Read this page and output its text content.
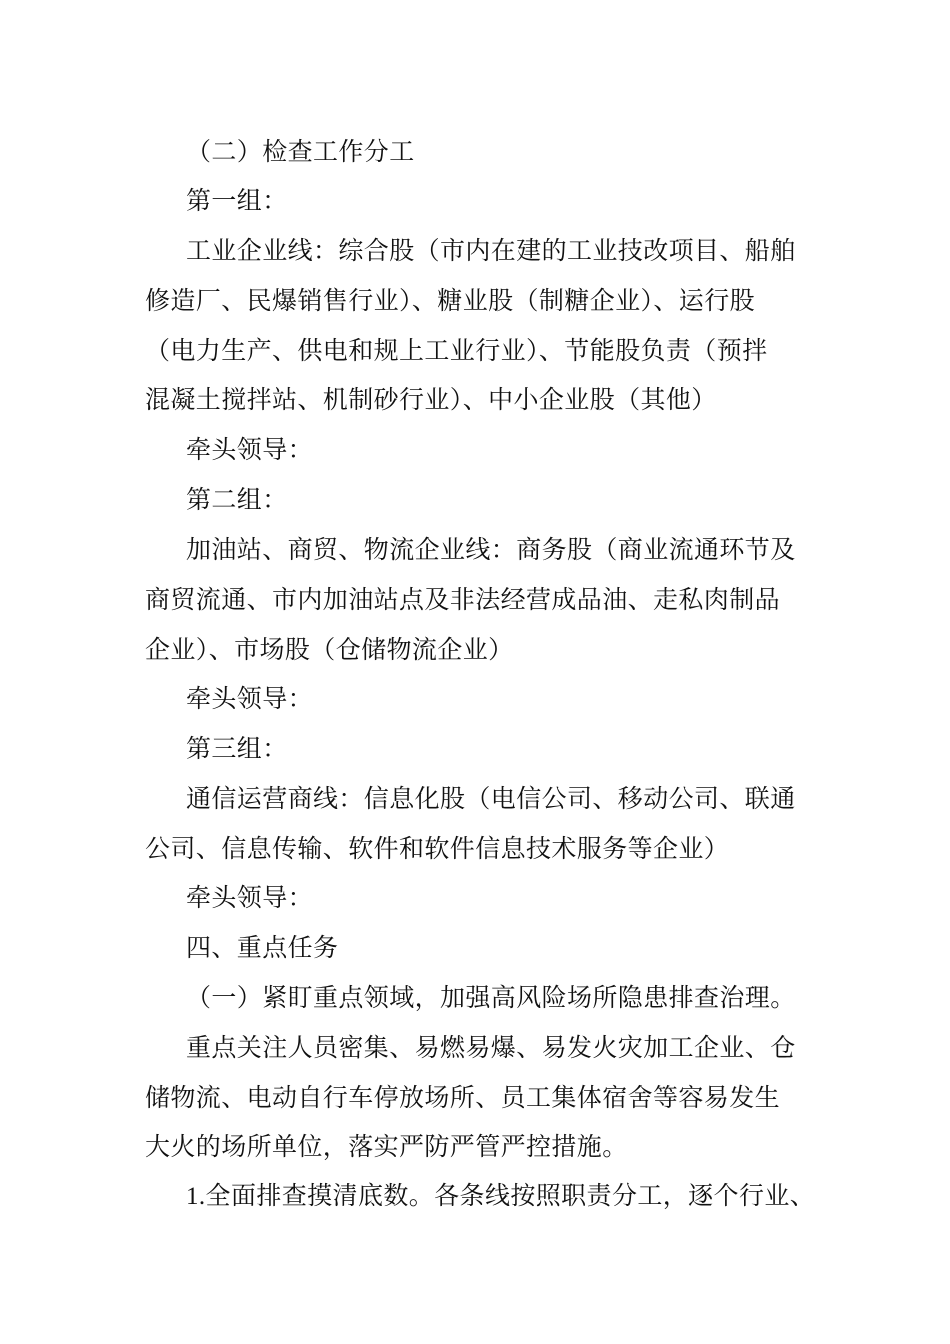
（二）检查工作分工
第一组：
工业企业线：综合股（市内在建的工业技改项目、船舶
修造厂、民爆销售行业）、糖业股（制糖企业）、运行股
（电力生产、供电和规上工业行业）、节能股负责（预拌
混凝土搅拌站、机制砂行业）、中小企业股（其他）
牵头领导：
第二组：
加油站、商贸、物流企业线：商务股（商业流通环节及
商贸流通、市内加油站点及非法经营成品油、走私肉制品
企业）、市场股（仓储物流企业）
牵头领导：
第三组：
通信运营商线：信息化股（电信公司、移动公司、联通
公司、信息传输、软件和软件信息技术服务等企业）
牵头领导：
四、重点任务
（一）紧盯重点领域，加强高风险场所隐患排查治理。
重点关注人员密集、易燃易爆、易发火灾加工企业、仓
储物流、电动自行车停放场所、员工集体宿舍等容易发生
大火的场所单位，落实严防严管严控措施。
1.全面排查摸清底数。各条线按照职责分工，逐个行业、
